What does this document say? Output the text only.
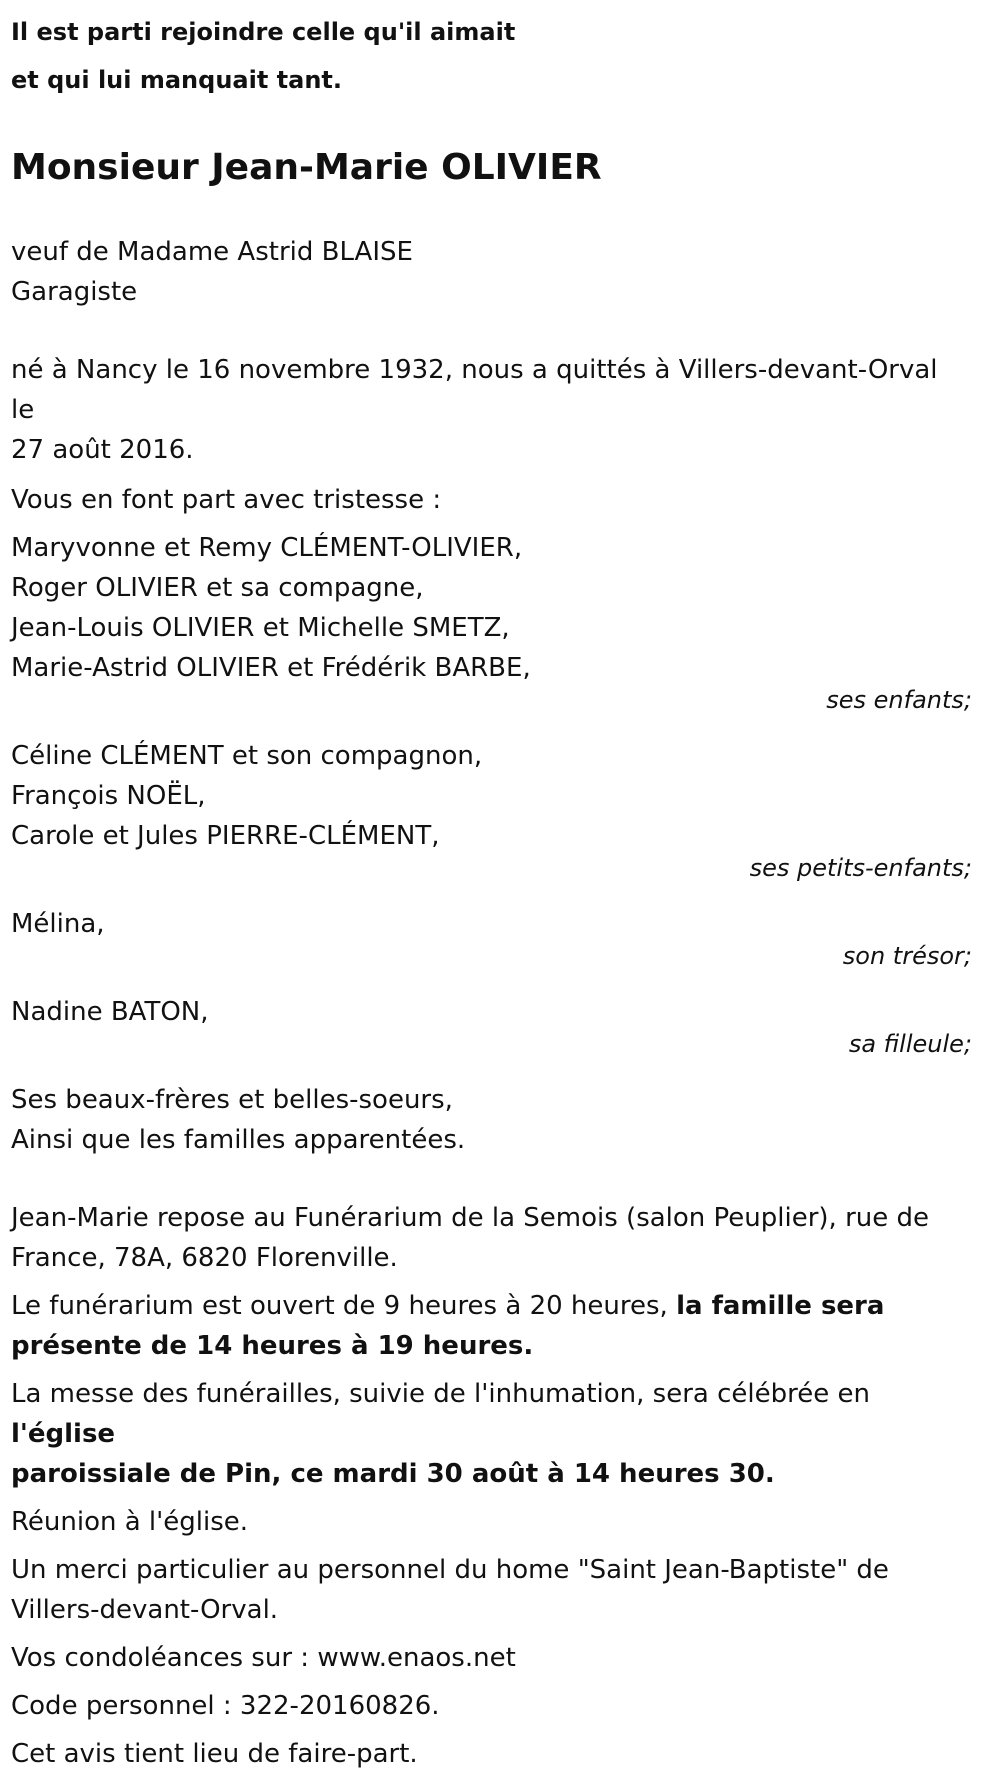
Il est parti rejoindre celle qu'il aimait
et qui lui manquait tant.

Monsieur Jean-Marie OLIVIER

veuf de Madame Astrid BLAISE
Garagiste

né à Nancy le 16 novembre 1932, nous a quittés à Villers-devant-Orval le
27 août 2016.

Vous en font part avec tristesse :

Maryvonne et Remy CLÉMENT-OLIVIER,
Roger OLIVIER et sa compagne,
Jean-Louis OLIVIER et Michelle SMETZ,
Marie-Astrid OLIVIER et Frédérik BARBE,

ses enfants;

Céline CLÉMENT et son compagnon,
François NOËL,
Carole et Jules PIERRE-CLÉMENT,

ses petits-enfants;

Mélina,

son trésor;

Nadine BATON,

sa filleule;

Ses beaux-frères et belles-soeurs,
Ainsi que les familles apparentées.

Jean-Marie repose au Funérarium de la Semois (salon Peuplier), rue de
France, 78A, 6820 Florenville.

Le funérarium est ouvert de 9 heures à 20 heures, la famille sera
présente de 14 heures à 19 heures.

La messe des funérailles, suivie de l'inhumation, sera célébrée en l'église
paroissiale de Pin, ce mardi 30 août à 14 heures 30.

Réunion à l'église.

Un merci particulier au personnel du home "Saint Jean-Baptiste" de
Villers-devant-Orval.

Vos condoléances sur : www.enaos.net

Code personnel : 322-20160826.

Cet avis tient lieu de faire-part.
